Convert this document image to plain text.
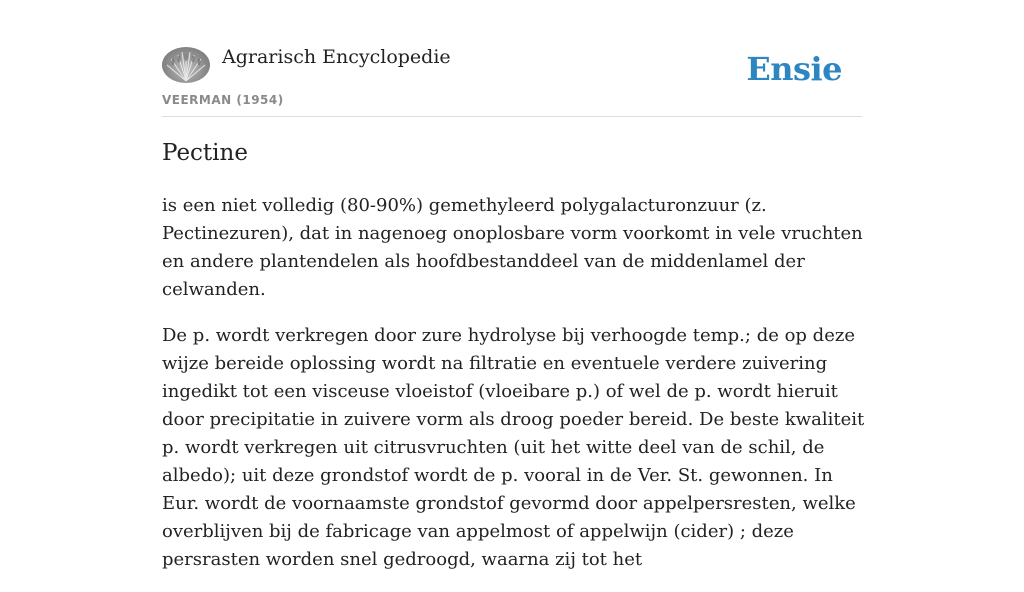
Agrarisch Encyclopedie
VEERMAN (1954)
Ensie
Pectine

is een niet volledig (80-90%) gemethyleerd polygalacturonzuur (z. Pectinezuren), dat in nagenoeg onoplosbare vorm voorkomt in vele vruchten en andere plantendelen als hoofdbestanddeel van de middenlamel der celwanden.

De p. wordt verkregen door zure hydrolyse bij verhoogde temp.; de op deze wijze bereide oplossing wordt na filtratie en eventuele verdere zuivering ingedikt tot een visceuse vloeistof (vloeibare p.) of wel de p. wordt hieruit door precipitatie in zuivere vorm als droog poeder bereid. De beste kwaliteit p. wordt verkregen uit citrusvruchten (uit het witte deel van de schil, de albedo); uit deze grondstof wordt de p. vooral in de Ver. St. gewonnen. In Eur. wordt de voornaamste grondstof gevormd door appelpersresten, welke overblijven bij de fabricage van appelmost of appelwijn (cider) ; deze persrasten worden snel gedroogd, waarna zij tot het
